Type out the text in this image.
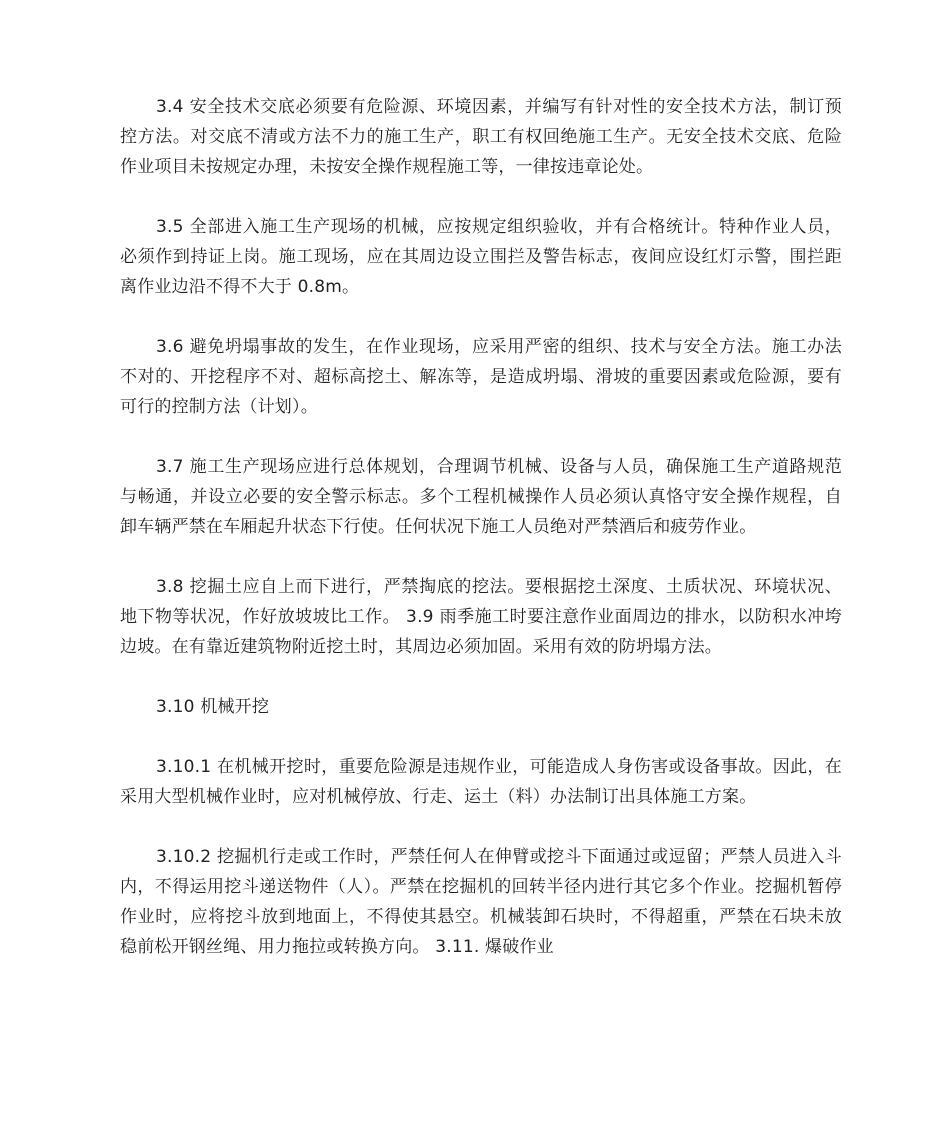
3.4 安全技术交底必须要有危险源、环境因素，并编写有针对性的安全技术方法，制订预控方法。对交底不清或方法不力的施工生产，职工有权回绝施工生产。无安全技术交底、危险作业项目未按规定办理，未按安全操作规程施工等，一律按违章论处。

3.5 全部进入施工生产现场的机械，应按规定组织验收，并有合格统计。特种作业人员，必须作到持证上岗。施工现场，应在其周边设立围拦及警告标志，夜间应设红灯示警，围拦距离作业边沿不得不大于 0.8m。

3.6 避免坍塌事故的发生，在作业现场，应采用严密的组织、技术与安全方法。施工办法不对的、开挖程序不对、超标高挖土、解冻等，是造成坍塌、滑坡的重要因素或危险源，要有可行的控制方法（计划）。

3.7 施工生产现场应进行总体规划，合理调节机械、设备与人员，确保施工生产道路规范与畅通，并设立必要的安全警示标志。多个工程机械操作人员必须认真恪守安全操作规程，自卸车辆严禁在车厢起升状态下行使。任何状况下施工人员绝对严禁酒后和疲劳作业。

3.8 挖掘土应自上而下进行，严禁掏底的挖法。要根据挖土深度、土质状况、环境状况、地下物等状况，作好放坡坡比工作。 3.9 雨季施工时要注意作业面周边的排水，以防积水冲垮边坡。在有靠近建筑物附近挖土时，其周边必须加固。采用有效的防坍塌方法。

3.10 机械开挖

3.10.1 在机械开挖时，重要危险源是违规作业，可能造成人身伤害或设备事故。因此，在采用大型机械作业时，应对机械停放、行走、运土（料）办法制订出具体施工方案。

3.10.2 挖掘机行走或工作时，严禁任何人在伸臂或挖斗下面通过或逗留；严禁人员进入斗内，不得运用挖斗递送物件（人）。严禁在挖掘机的回转半径内进行其它多个作业。挖掘机暂停作业时，应将挖斗放到地面上，不得使其悬空。机械装卸石块时，不得超重，严禁在石块未放稳前松开钢丝绳、用力拖拉或转换方向。 3.11. 爆破作业
